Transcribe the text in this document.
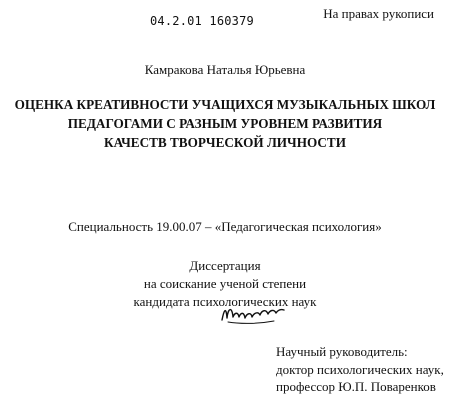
04.2.01 160379	На правах рукописи
Камракова Наталья Юрьевна
ОЦЕНКА КРЕАТИВНОСТИ УЧАЩИХСЯ МУЗЫКАЛЬНЫХ ШКОЛ
ПЕДАГОГАМИ С РАЗНЫМ УРОВНЕМ РАЗВИТИЯ
КАЧЕСТВ ТВОРЧЕСКОЙ ЛИЧНОСТИ
Специальность 19.00.07 – «Педагогическая психология»
Диссертация
на соискание ученой степени
кандидата психологических наук
Научный руководитель:
доктор психологических наук,
профессор Ю.П. Поваренков
